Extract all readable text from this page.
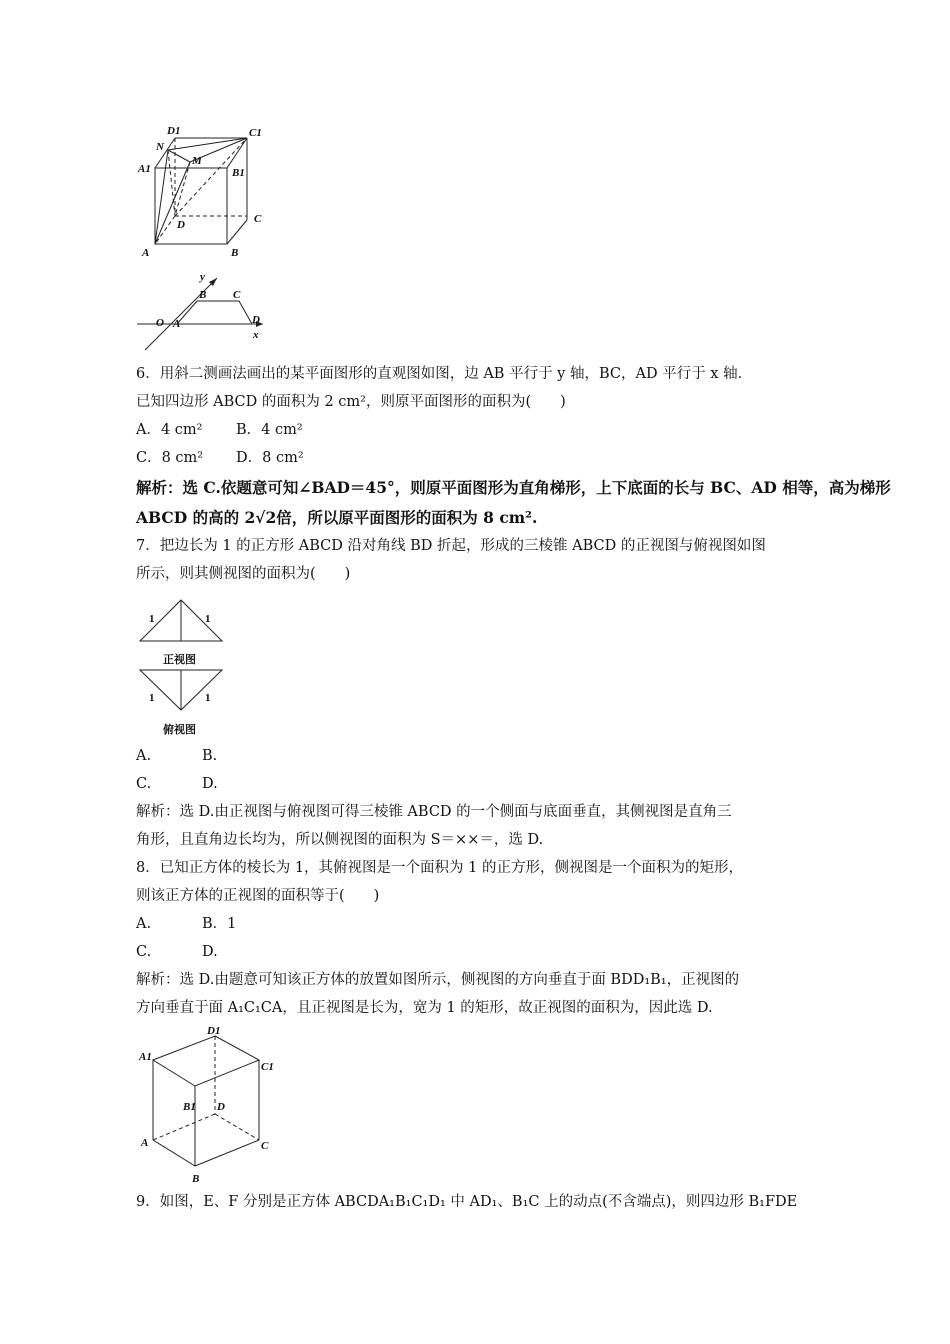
D1	C1
N
M
A1	B1
D	C
A	B
y
B C
O A	D
x
6．用斜二测画法画出的某平面图形的直观图如图，边 AB 平行于 y 轴，BC，AD 平行于 x 轴．
已知四边形 ABCD 的面积为 2 cm²，则原平面图形的面积为(　　)
A．4 cm² B．4 cm²
C．8 cm² D．8 cm²
解析：选 C.依题意可知∠BAD＝45°，则原平面图形为直角梯形，上下底面的长与 BC、AD 相等，高为梯形
ABCD 的高的 2√2倍，所以原平面图形的面积为 8 cm².
7．把边长为 1 的正方形 ABCD 沿对角线 BD 折起，形成的三棱锥 ABCD 的正视图与俯视图如图
所示，则其侧视图的面积为(　　)
1	1
正视图
1	1
俯视图
A.	B.
C.	D.
解析：选 D.由正视图与俯视图可得三棱锥 ABCD 的一个侧面与底面垂直，其侧视图是直角三
角形，且直角边长均为，所以侧视图的面积为 S＝××＝，选 D.
8．已知正方体的棱长为 1，其俯视图是一个面积为 1 的正方形，侧视图是一个面积为的矩形，
则该正方体的正视图的面积等于(　　)
A.	B．1
C.	D.
解析：选 D.由题意可知该正方体的放置如图所示，侧视图的方向垂直于面 BDD₁B₁，正视图的
方向垂直于面 A₁C₁CA，且正视图是长为，宽为 1 的矩形，故正视图的面积为，因此选 D.
D1
A1
C1
B1 D
A	C
B
9．如图，E、F 分别是正方体 ABCDA₁B₁C₁D₁ 中 AD₁、B₁C 上的动点(不含端点)，则四边形 B₁FDE
